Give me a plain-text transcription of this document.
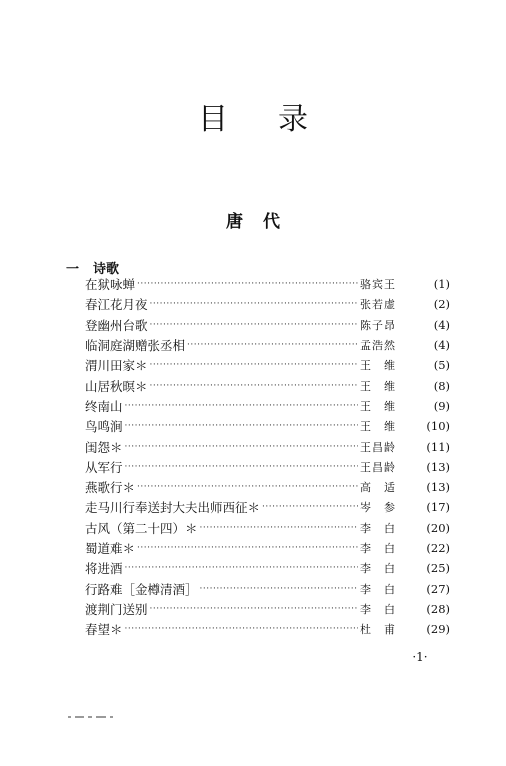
目 录
唐 代
一	诗歌
在狱咏蝉 ·····	骆宾王	(1)
春江花月夜 ·····	张若虚	(2)
登幽州台歌 ·····	陈子昂	(4)
临洞庭湖赠张丞相 ·····	孟浩然	(4)
渭川田家＊ ·····	王　维	(5)
山居秋暝＊ ·····	王　维	(8)
终南山 ·····	王　维	(9)
鸟鸣涧 ·····	王　维	(10)
闺怨＊ ·····	王昌龄	(11)
从军行 ·····	王昌龄	(13)
燕歌行＊ ·····	高　适	(13)
走马川行奉送封大夫出师西征＊ ·····	岑　参	(17)
古风（第二十四）＊ ·····	李　白	(20)
蜀道难＊ ·····	李　白	(22)
将进酒 ·····	李　白	(25)
行路难［金樽清酒］ ·····	李　白	(27)
渡荆门送别 ·····	李　白	(28)
春望＊ ·····	杜　甫	(29)
·1·
